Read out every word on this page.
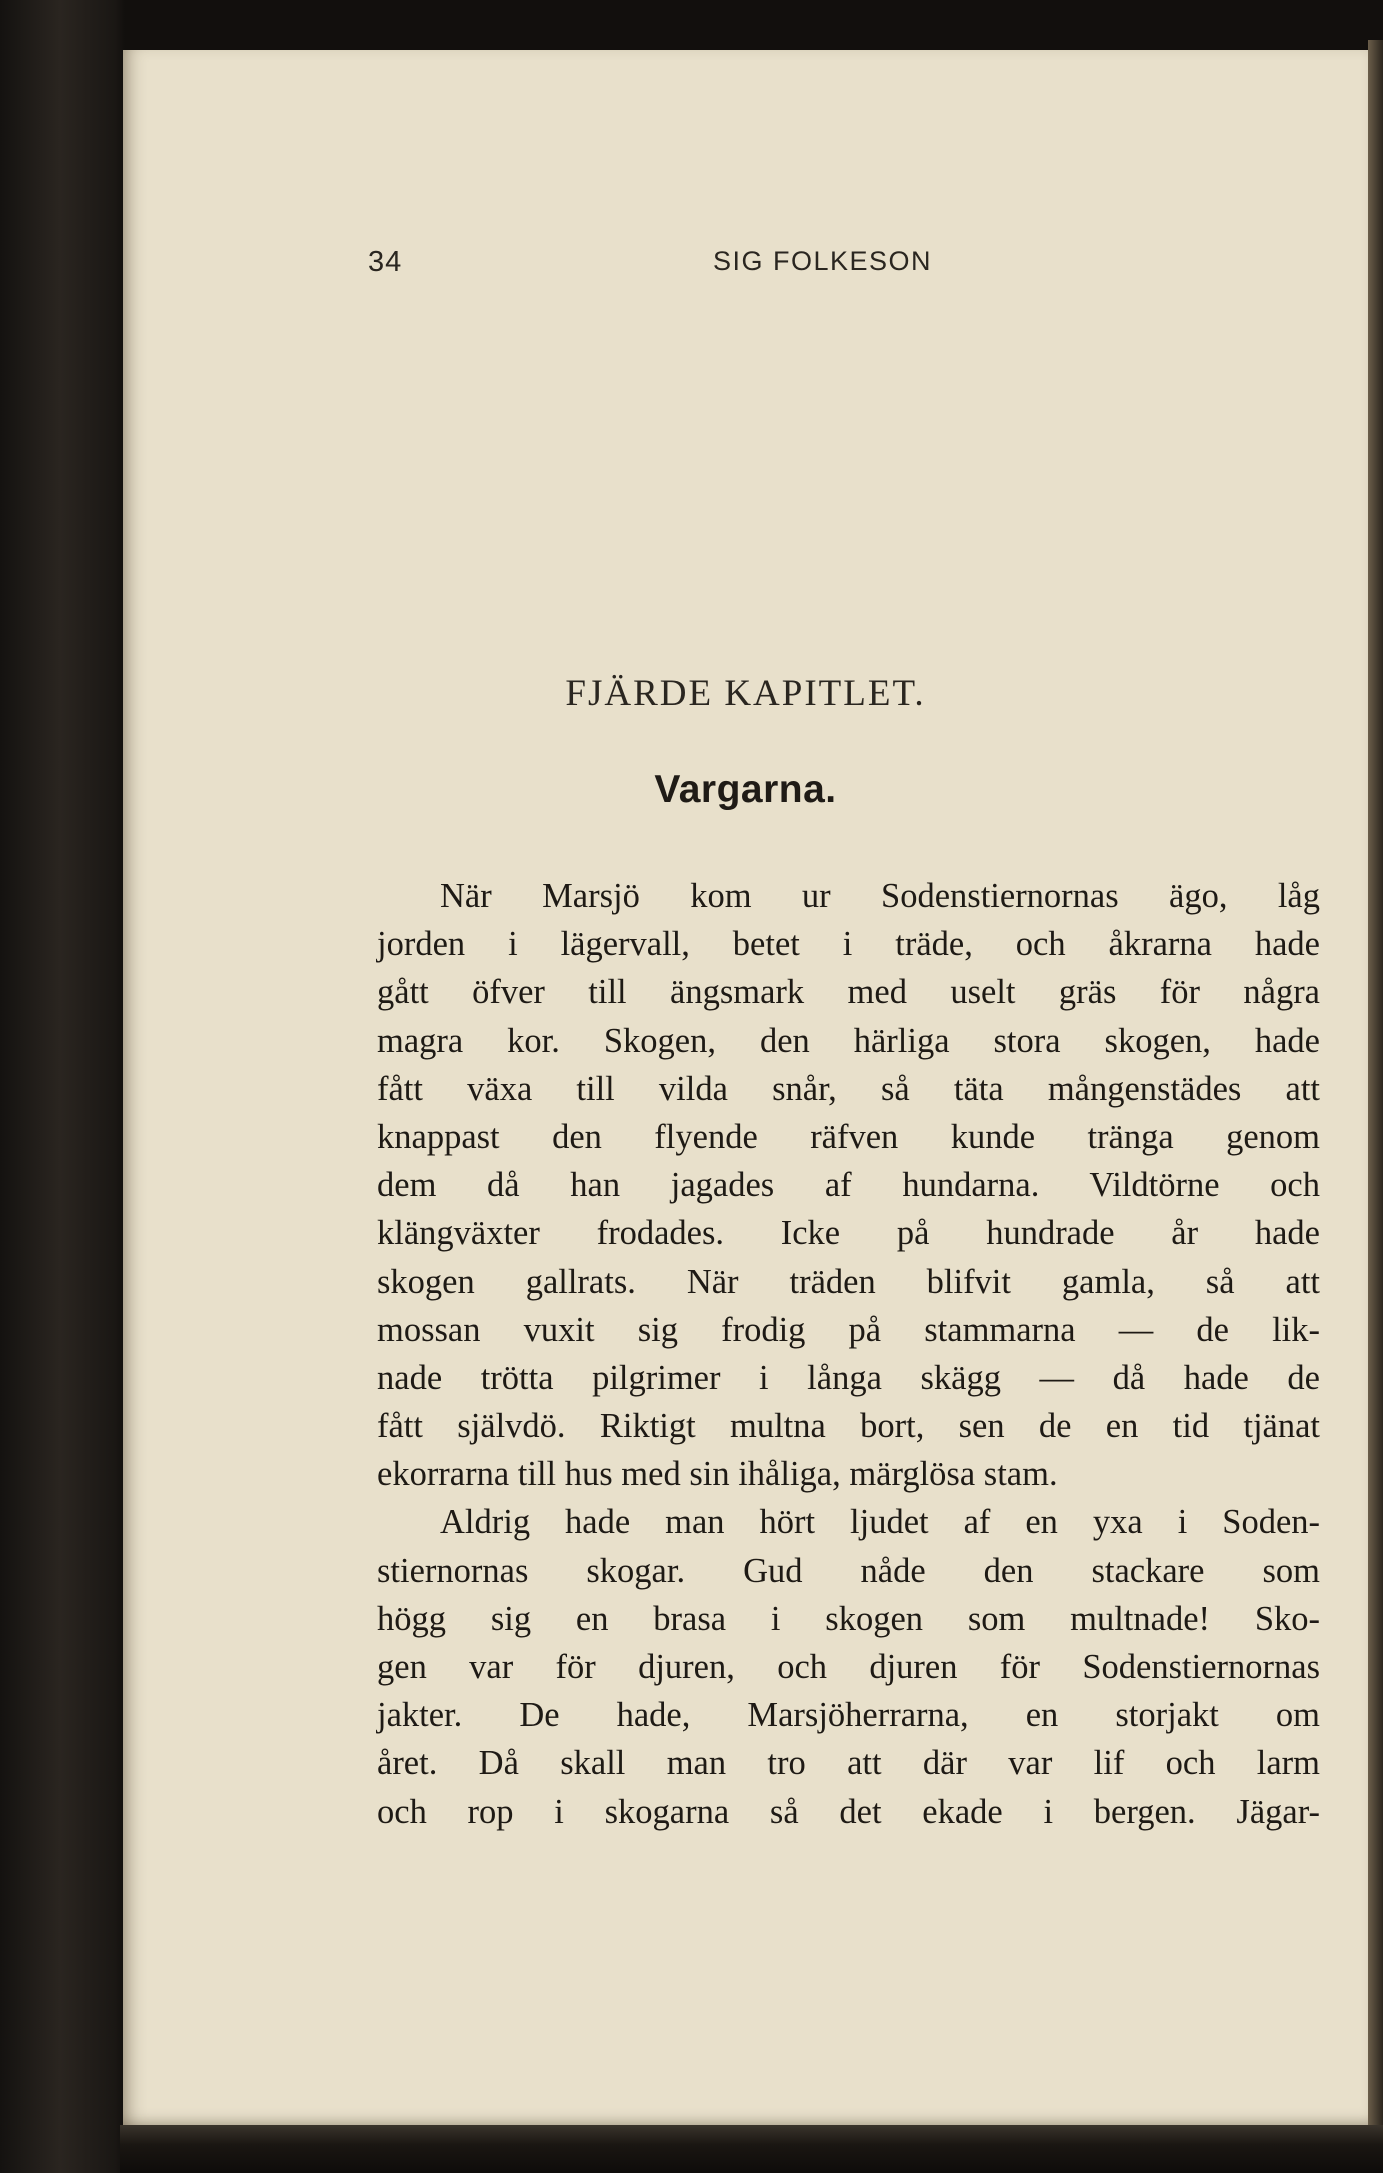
34	SIG FOLKESON
FJÄRDE KAPITLET.
Vargarna.
När Marsjö kom ur Sodenstiernornas ägo, låg
jorden i lägervall, betet i träde, och åkrarna hade
gått öfver till ängsmark med uselt gräs för några
magra kor. Skogen, den härliga stora skogen, hade
fått växa till vilda snår, så täta mångenstädes att
knappast den flyende räfven kunde tränga genom
dem då han jagades af hundarna. Vildtörne och
klängväxter frodades. Icke på hundrade år hade
skogen gallrats. När träden blifvit gamla, så att
mossan vuxit sig frodig på stammarna — de lik-
nade trötta pilgrimer i långa skägg — då hade de
fått självdö. Riktigt multna bort, sen de en tid tjänat
ekorrarna till hus med sin ihåliga, märglösa stam.
Aldrig hade man hört ljudet af en yxa i Soden-
stiernornas skogar. Gud nåde den stackare som
högg sig en brasa i skogen som multnade! Sko-
gen var för djuren, och djuren för Sodenstiernornas
jakter. De hade, Marsjöherrarna, en storjakt om
året. Då skall man tro att där var lif och larm
och rop i skogarna så det ekade i bergen. Jägar-
